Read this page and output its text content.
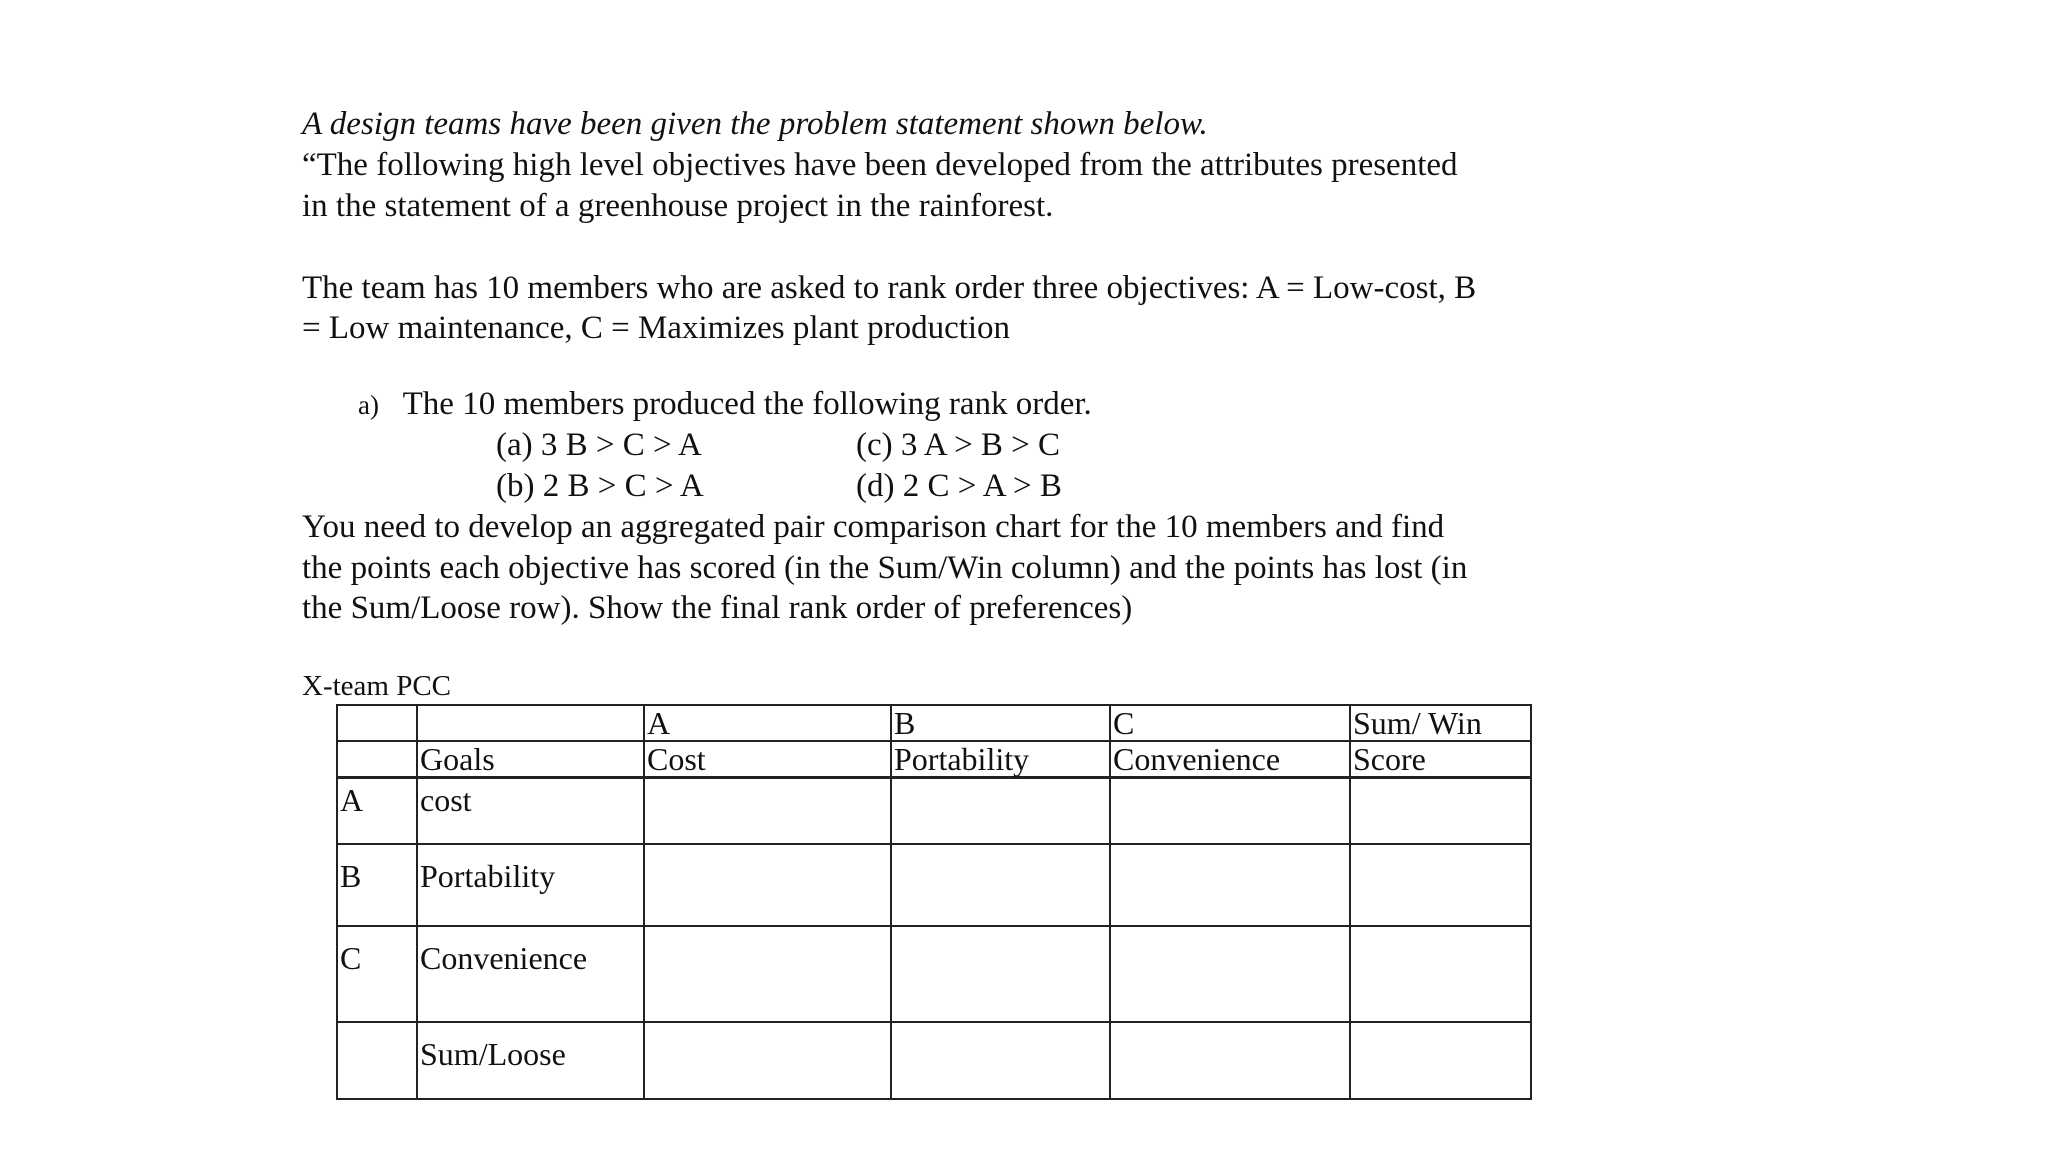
A design teams have been given the problem statement shown below.
“The following high level objectives have been developed from the attributes presented
in the statement of a greenhouse project in the rainforest.
The team has 10 members who are asked to rank order three objectives: A = Low-cost, B
= Low maintenance, C = Maximizes plant production
a) The 10 members produced the following rank order.
(a) 3 B > C > A
(b) 2 B > C > A
(c) 3 A > B > C
(d) 2 C > A > B
You need to develop an aggregated pair comparison chart for the 10 members and find
the points each objective has scored (in the Sum/Win column) and the points has lost (in
the Sum/Loose row). Show the final rank order of preferences)
X-team PCC
		A	B	C	Sum/ Win
	Goals	Cost	Portability	Convenience	Score
A	cost				
B	Portability				
C	Convenience				
	Sum/Loose				
